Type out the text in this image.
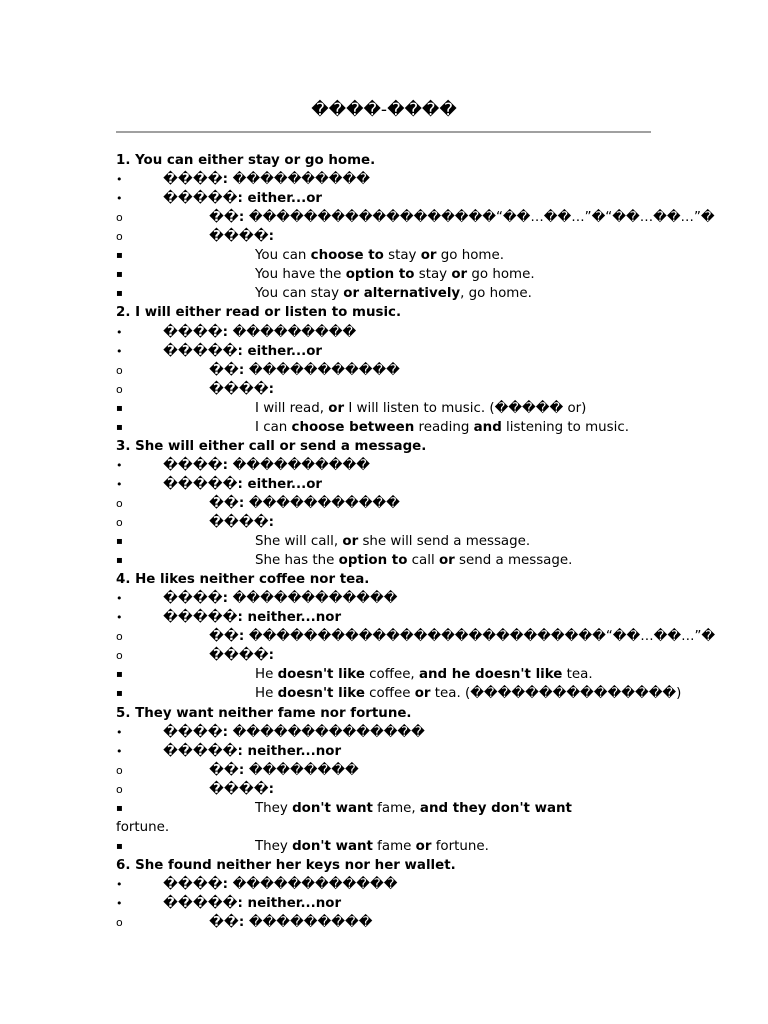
����-����
1. You can either stay or go home.
•	����: ����������
•	�����: either...or
o	��: ������������������“��…��…”�“��…��…”�
o	����:
▪	You can choose to stay or go home.
▪	You have the option to stay or go home.
▪	You can stay or alternatively, go home.
2. I will either read or listen to music.
•	����: ���������
•	�����: either...or
o	��: �����������
o	����:
▪	I will read, or I will listen to music. (����� or)
▪	I can choose between reading and listening to music.
3. She will either call or send a message.
•	����: ����������
•	�����: either...or
o	��: �����������
o	����:
▪	She will call, or she will send a message.
▪	She has the option to call or send a message.
4. He likes neither coffee nor tea.
•	����: ������������
•	�����: neither...nor
o	��: ��������������������������“��…��…”�
o	����:
▪	He doesn't like coffee, and he doesn't like tea.
▪	He doesn't like coffee or tea. (���������������)
5. They want neither fame nor fortune.
•	����: ��������������
•	�����: neither...nor
o	��: ��������
o	����:
▪	They don't want fame, and they don't want
fortune.
▪	They don't want fame or fortune.
6. She found neither her keys nor her wallet.
•	����: ������������
•	�����: neither...nor
o	��: ���������
